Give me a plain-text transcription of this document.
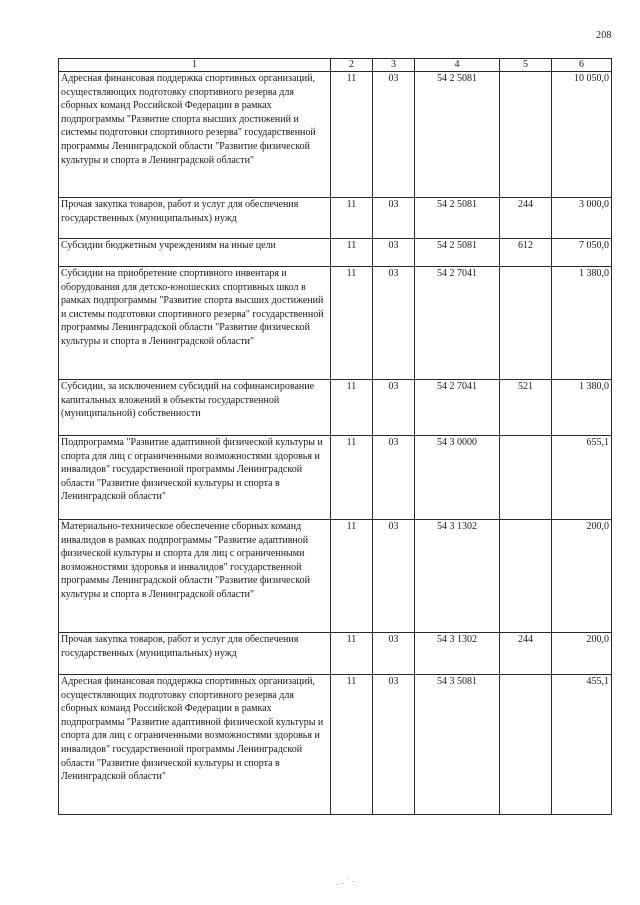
208
1	2	3	4	5	6
Адресная финансовая поддержка спортивных организаций, осуществляющих подготовку спортивного резерва для сборных команд Российской Федерации в рамках подпрограммы "Развитие спорта высших достижений и системы подготовки спортивного резерва" государственной программы Ленинградской области "Развитие физической культуры и спорта в Ленинградской области"	11	03	54 2 5081		10 050,0
Прочая закупка товаров, работ и услуг для обеспечения государственных (муниципальных) нужд	11	03	54 2 5081	244	3 000,0
Субсидии бюджетным учреждениям на иные цели	11	03	54 2 5081	612	7 050,0
Субсидии на приобретение спортивного инвентаря и оборудования для детско-юношеских спортивных школ в рамках подпрограммы "Развитие спорта высших достижений и системы подготовки спортивного резерва" государственной программы Ленинградской области "Развитие физической культуры и спорта в Ленинградской области"	11	03	54 2 7041		1 380,0
Субсидии, за исключением субсидий на софинансирование капитальных вложений в объекты государственной (муниципальной) собственности	11	03	54 2 7041	521	1 380,0
Подпрограмма "Развитие адаптивной физической культуры и спорта для лиц с ограниченными возможностями здоровья и инвалидов" государственной программы Ленинградской области "Развитие физической культуры и спорта в Ленинградской области"	11	03	54 3 0000		655,1
Материально-техническое обеспечение сборных команд инвалидов в рамках подпрограммы "Развитие адаптивной физической культуры и спорта для лиц с ограниченными возможностями здоровья и инвалидов" государственной программы Ленинградской области "Развитие физической культуры и спорта в Ленинградской области"	11	03	54 3 1302		200,0
Прочая закупка товаров, работ и услуг для обеспечения государственных (муниципальных) нужд	11	03	54 3 1302	244	200,0
Адресная финансовая поддержка спортивных организаций, осуществляющих подготовку спортивного резерва для сборных команд Российской Федерации в рамках подпрограммы "Развитие адаптивной физической культуры и спорта для лиц с ограниченными возможностями здоровья и инвалидов" государственной программы Ленинградской области "Развитие физической культуры и спорта в Ленинградской области"	11	03	54 3 5081		455,1
․․˙․
